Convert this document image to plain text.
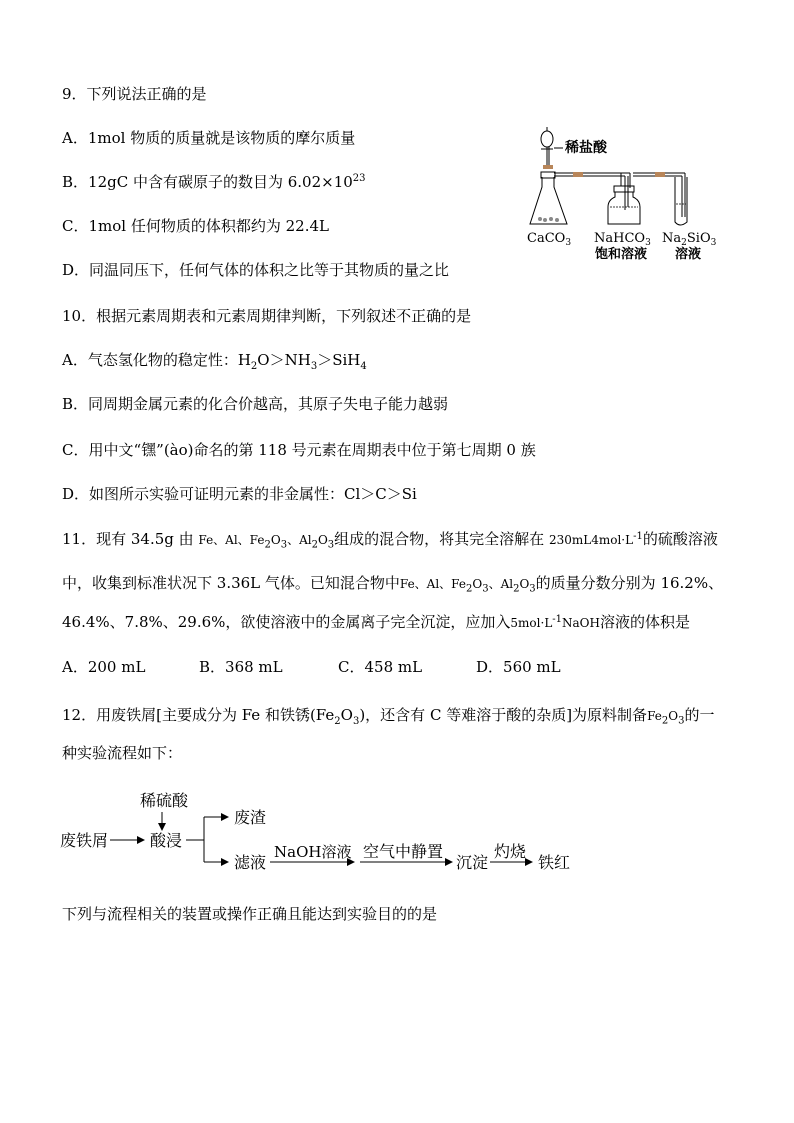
9．下列说法正确的是
A．1mol 物质的质量就是该物质的摩尔质量
B．12gC 中含有碳原子的数目为 $6.02\times 10^{23}$
C．1mol 任何物质的体积都约为 22.4L
D．同温同压下，任何气体的体积之比等于其物质的量之比
稀盐酸
CaCO$_3$ NaHCO$_3$
饱和溶液
$Na_2SiO_3$
溶液
10．根据元素周期表和元素周期律判断，下列叙述不正确的是
A．气态氢化物的稳定性：$H_2O>NH_3>SiH_4$
B．同周期金属元素的化合价越高，其原子失电子能力越弱
C．用中文“𬭶”(ào)命名的第 118 号元素在周期表中位于第七周期 0 族
D．如图所示实验可证明元素的非金属性：Cl＞C＞Si
11．现有 34.5g 由 Fe、Al、$Fe_2O_3$、$Al_2O_3$组成的混合物，将其完全溶解在 $230mL4mol\cdot L^{-1}$的硫酸溶液
中，收集到标准状况下 3.36L 气体。已知混合物中Fe、Al、$Fe_2O_3$、$Al_2O_3$的质量分数分别为 16.2%、
46.4%、7.8%、29.6%，欲使溶液中的金属离子完全沉淀，应加入$5mol\cdot L^{-1}NaOH$溶液的体积是
A．200 mL	B．368 mL	C．458 mL	D．560 mL
12．用废铁屑[主要成分为 Fe 和铁锈$(Fe_2O_3)$，还含有 C 等难溶于酸的杂质]为原料制备$Fe_2O_3$的一
种实验流程如下：
稀硫酸
废铁屑	酸浸
废渣
滤液
NaOH溶液 空气中静置
沉淀
灼烧
铁红
下列与流程相关的装置或操作正确且能达到实验目的的是
